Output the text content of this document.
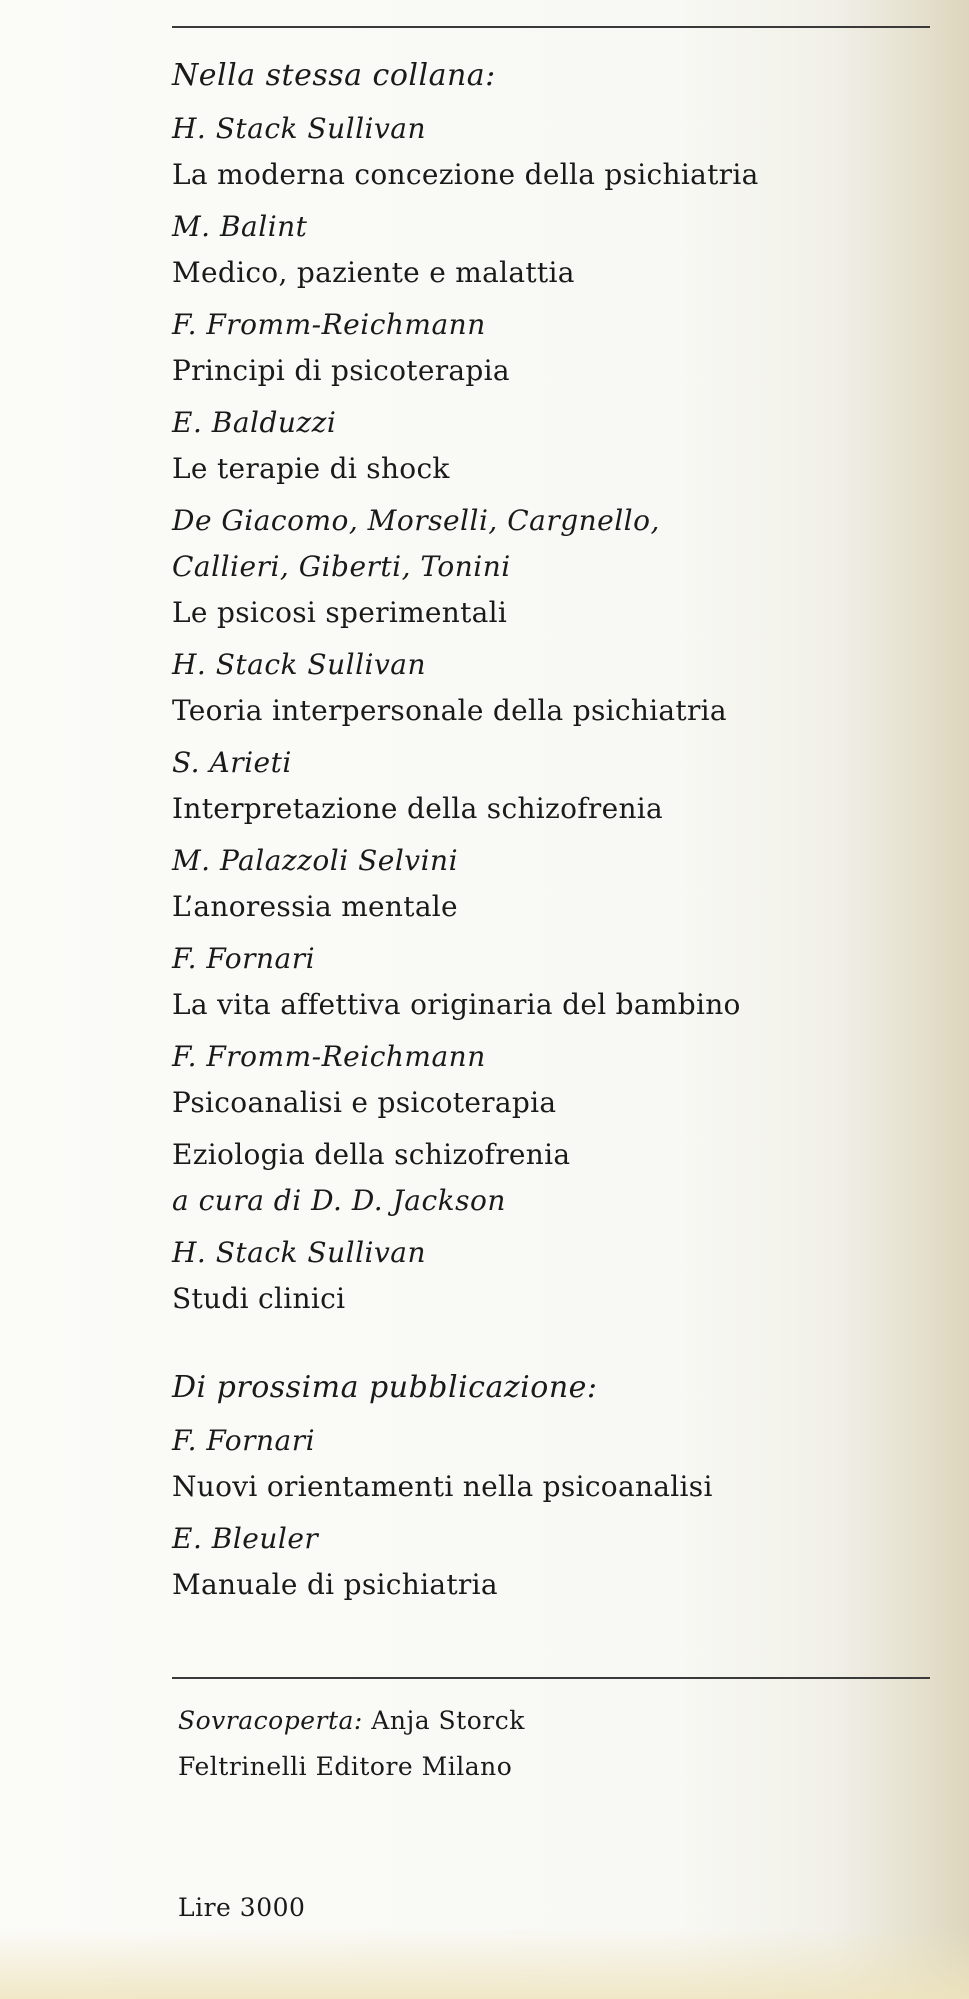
Nella stessa collana:

H. Stack Sullivan
La moderna concezione della psichiatria
M. Balint
Medico, paziente e malattia
F. Fromm-Reichmann
Principi di psicoterapia
E. Balduzzi
Le terapie di shock
De Giacomo, Morselli, Cargnello,
Callieri, Giberti, Tonini
Le psicosi sperimentali
H. Stack Sullivan
Teoria interpersonale della psichiatria
S. Arieti
Interpretazione della schizofrenia
M. Palazzoli Selvini
L’anoressia mentale
F. Fornari
La vita affettiva originaria del bambino
F. Fromm-Reichmann
Psicoanalisi e psicoterapia
Eziologia della schizofrenia
a cura di D. D. Jackson
H. Stack Sullivan
Studi clinici

Di prossima pubblicazione:

F. Fornari
Nuovi orientamenti nella psicoanalisi
E. Bleuler
Manuale di psichiatria

Sovracoperta: Anja Storck

Feltrinelli Editore Milano

Lire 3000
